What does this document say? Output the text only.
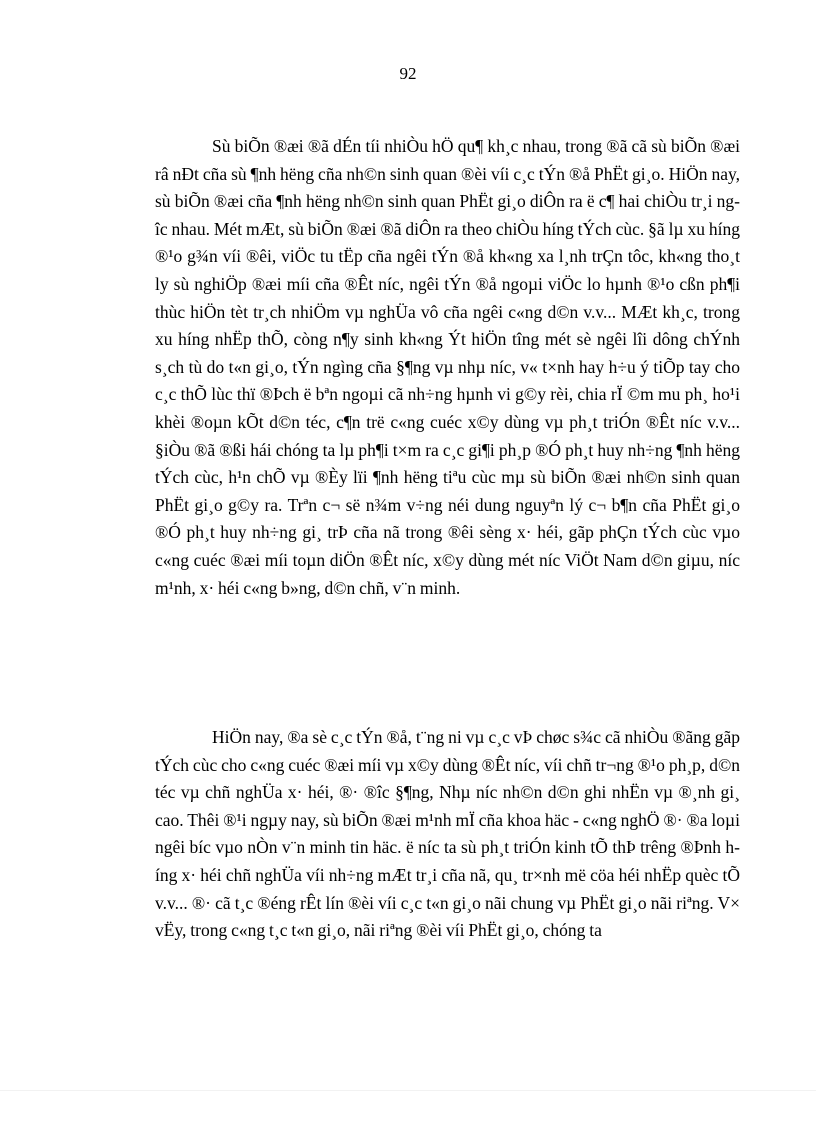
92

Sù biÕn ®æi ®ã dÉn tíi nhiÒu hÖ qu¶ kh¸c nhau, trong ®ã cã sù biÕn ®æi râ nÐt cña sù ¶nh hëng cña nh©n sinh quan ®èi víi c¸c tÝn ®å PhËt gi¸o. HiÖn nay, sù biÕn ®æi cña ¶nh hëng nh©n sinh quan PhËt gi¸o diÔn ra ë c¶ hai chiÒu tr¸i ngîc nhau. Mét mÆt, sù biÕn ®æi ®ã diÔn ra theo chiÒu híng tÝch cùc. §ã lµ xu híng ®¹o g¾n víi ®êi, viÖc tu tËp cña ngêi tÝn ®å kh«ng xa l¸nh trÇn tôc, kh«ng tho¸t ly sù nghiÖp ®æi míi cña ®Êt níc, ngêi tÝn ®å ngoµi viÖc lo hµnh ®¹o cßn ph¶i thùc hiÖn tèt tr¸ch nhiÖm vµ nghÜa vô cña ngêi c«ng d©n v.v... MÆt kh¸c, trong xu híng nhËp thÕ, còng n¶y sinh kh«ng Ýt hiÖn tîng mét sè ngêi lîi dông chÝnh s¸ch tù do t«n gi¸o, tÝn ngìng cña §¶ng vµ nhµ níc, v« t×nh hay h÷u ý tiÕp tay cho c¸c thÕ lùc thï ®Þch ë bªn ngoµi cã nh÷ng hµnh vi g©y rèi, chia rÏ ©m mu ph¸ ho¹i khèi ®oµn kÕt d©n téc, c¶n trë c«ng cuéc x©y dùng vµ ph¸t triÓn ®Êt níc v.v... §iÒu ®ã ®ßi hái chóng ta lµ ph¶i t×m ra c¸c gi¶i ph¸p ®Ó ph¸t huy nh÷ng ¶nh hëng tÝch cùc, h¹n chÕ vµ ®Èy lïi ¶nh hëng tiªu cùc mµ sù biÕn ®æi nh©n sinh quan PhËt gi¸o g©y ra. Trªn c¬ së n¾m v÷ng néi dung nguyªn lý c¬ b¶n cña PhËt gi¸o ®Ó ph¸t huy nh÷ng gi¸ trÞ cña nã trong ®êi sèng x· héi, gãp phÇn tÝch cùc vµo c«ng cuéc ®æi míi toµn diÖn ®Êt níc, x©y dùng mét níc ViÖt Nam d©n giµu, níc m¹nh, x· héi c«ng b»ng, d©n chñ, v¨n minh.

HiÖn nay, ®a sè c¸c tÝn ®å, t¨ng ni vµ c¸c vÞ chøc s¾c cã nhiÒu ®ãng gãp tÝch cùc cho c«ng cuéc ®æi míi vµ x©y dùng ®Êt níc, víi chñ tr¬ng ®¹o ph¸p, d©n téc vµ chñ nghÜa x· héi, ®· ®îc §¶ng, Nhµ níc nh©n d©n ghi nhËn vµ ®¸nh gi¸ cao. Thêi ®¹i ngµy nay, sù biÕn ®æi m¹nh mÏ cña khoa häc - c«ng nghÖ ®· ®a loµi ngêi bíc vµo nÒn v¨n minh tin häc. ë níc ta sù ph¸t triÓn kinh tÕ thÞ trêng ®Þnh híng x· héi chñ nghÜa víi nh÷ng mÆt tr¸i cña nã, qu¸ tr×nh më cöa héi nhËp quèc tÕ v.v... ®· cã t¸c ®éng rÊt lín ®èi víi c¸c t«n gi¸o nãi chung vµ PhËt gi¸o nãi riªng. V× vËy, trong c«ng t¸c t«n gi¸o, nãi riªng ®èi víi PhËt gi¸o, chóng ta
